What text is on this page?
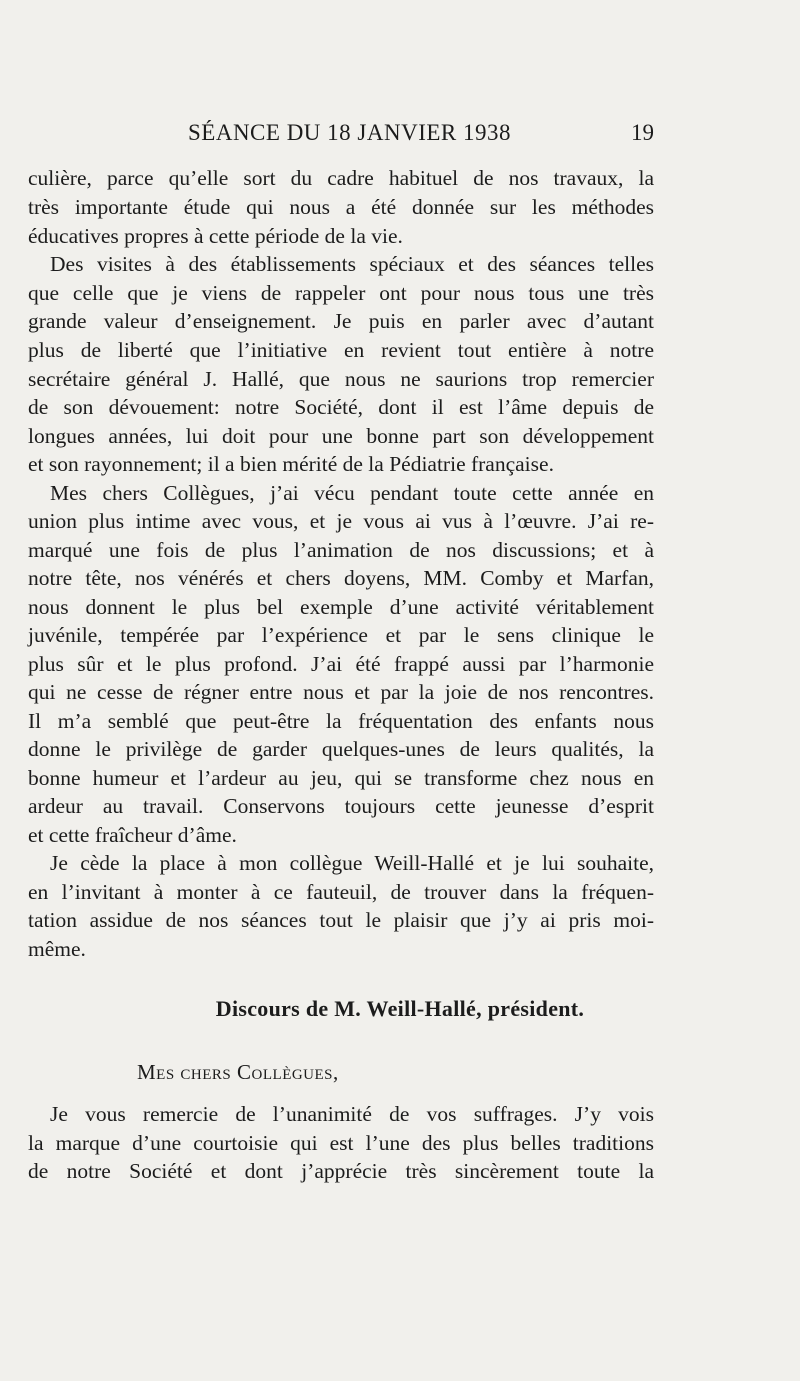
SÉANCE DU 18 JANVIER 1938	19
culière, parce qu’elle sort du cadre habituel de nos travaux, la
très importante étude qui nous a été donnée sur les méthodes
éducatives propres à cette période de la vie.
Des visites à des établissements spéciaux et des séances telles
que celle que je viens de rappeler ont pour nous tous une très
grande valeur d’enseignement. Je puis en parler avec d’autant
plus de liberté que l’initiative en revient tout entière à notre
secrétaire général J. Hallé, que nous ne saurions trop remercier
de son dévouement: notre Société, dont il est l’âme depuis de
longues années, lui doit pour une bonne part son développement
et son rayonnement; il a bien mérité de la Pédiatrie française.
Mes chers Collègues, j’ai vécu pendant toute cette année en
union plus intime avec vous, et je vous ai vus à l’œuvre. J’ai re-
marqué une fois de plus l’animation de nos discussions; et à
notre tête, nos vénérés et chers doyens, MM. Comby et Marfan,
nous donnent le plus bel exemple d’une activité véritablement
juvénile, tempérée par l’expérience et par le sens clinique le
plus sûr et le plus profond. J’ai été frappé aussi par l’harmonie
qui ne cesse de régner entre nous et par la joie de nos rencontres.
Il m’a semblé que peut-être la fréquentation des enfants nous
donne le privilège de garder quelques-unes de leurs qualités, la
bonne humeur et l’ardeur au jeu, qui se transforme chez nous en
ardeur au travail. Conservons toujours cette jeunesse d’esprit
et cette fraîcheur d’âme.
Je cède la place à mon collègue Weill-Hallé et je lui souhaite,
en l’invitant à monter à ce fauteuil, de trouver dans la fréquen-
tation assidue de nos séances tout le plaisir que j’y ai pris moi-
même.
Discours de M. Weill-Hallé, président.
Mes chers Collègues,
Je vous remercie de l’unanimité de vos suffrages. J’y vois
la marque d’une courtoisie qui est l’une des plus belles traditions
de notre Société et dont j’apprécie très sincèrement toute la
